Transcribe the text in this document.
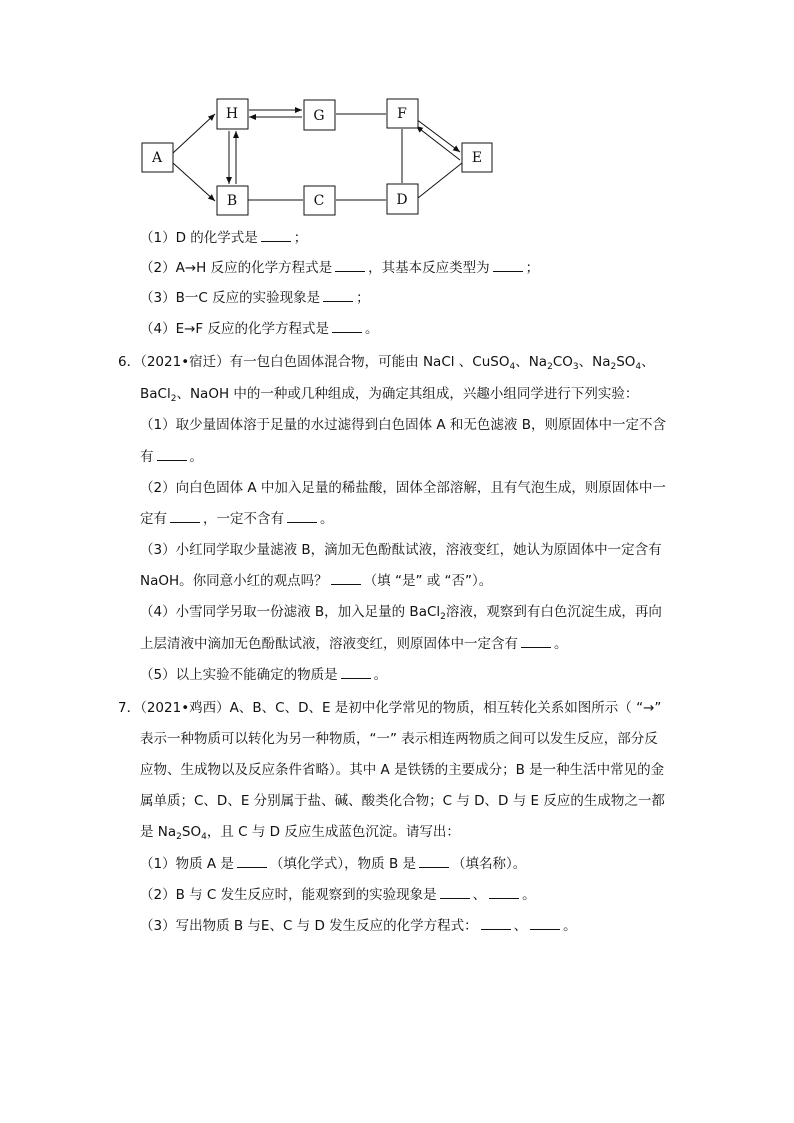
A
H	G	F
E
B	C	D
（1）D 的化学式是	；
（2）A→H 反应的化学方程式是	，其基本反应类型为	；
（3）B一C 反应的实验现象是	；
（4）E→F 反应的化学方程式是	。
6．（2021•宿迁）有一包白色固体混合物，可能由 NaCl 、CuSO$_4$、$Na_2CO_3$、$Na_2SO_4$、
BaCl$_2$、NaOH 中的一种或几种组成，为确定其组成，兴趣小组同学进行下列实验：
（1）取少量固体溶于足量的水过滤得到白色固体 A 和无色滤液 B，则原固体中一定不含
有	。
（2）向白色固体 A 中加入足量的稀盐酸，固体全部溶解，且有气泡生成，则原固体中一
定有	，一定不含有	。
（3）小红同学取少量滤液 B，滴加无色酚酞试液，溶液变红，她认为原固体中一定含有
NaOH。你同意小红的观点吗？	（填 “是” 或 “否”）。
（4）小雪同学另取一份滤液 B，加入足量的 BaCl$_2$溶液，观察到有白色沉淀生成，再向
上层清液中滴加无色酚酞试液，溶液变红，则原固体中一定含有	。
（5）以上实验不能确定的物质是	。
7．（2021•鸡西）A、B、C、D、E 是初中化学常见的物质，相互转化关系如图所示（ “→”
表示一种物质可以转化为另一种物质，“一” 表示相连两物质之间可以发生反应，部分反
应物、生成物以及反应条件省略）。其中 A 是铁锈的主要成分；B 是一种生活中常见的金
属单质；C、D、E 分别属于盐、碱、酸类化合物；C 与 D、D 与 E 反应的生成物之一都
是 $Na_2SO_4$，且 C 与 D 反应生成蓝色沉淀。请写出：
（1）物质 A 是	（填化学式），物质 B 是	（填名称）。
（2）B 与 C 发生反应时，能观察到的实验现象是	、	。
（3）写出物质 B 与E、C 与 D 发生反应的化学方程式：	、	。
